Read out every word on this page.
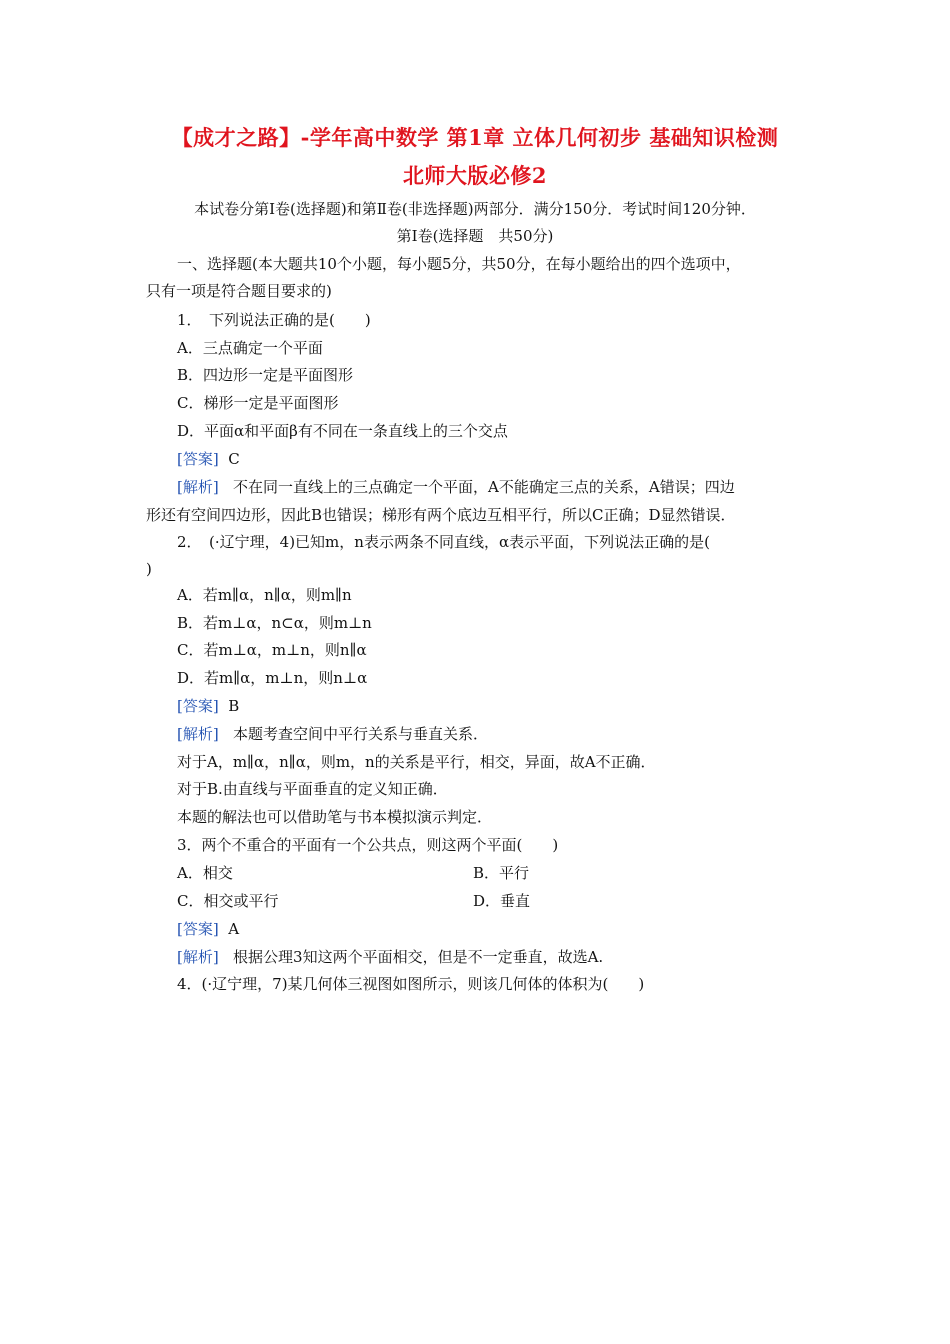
【成才之路】-学年高中数学 第1章 立体几何初步 基础知识检测
北师大版必修2
本试卷分第Ⅰ卷(选择题)和第Ⅱ卷(非选择题)两部分．满分150分．考试时间120分钟．
第Ⅰ卷(选择题　共50分)
一、选择题(本大题共10个小题，每小题5分，共50分，在每小题给出的四个选项中，
只有一项是符合题目要求的)
1．　下列说法正确的是(　　)
A．三点确定一个平面
B．四边形一定是平面图形
C．梯形一定是平面图形
D．平面α和平面β有不同在一条直线上的三个交点
[答案] C
[解析] 不在同一直线上的三点确定一个平面，A不能确定三点的关系，A错误；四边
形还有空间四边形，因此B也错误；梯形有两个底边互相平行，所以C正确；D显然错误．
2．　(·辽宁理，4)已知m，n表示两条不同直线，α表示平面，下列说法正确的是(
)
A．若m∥α，n∥α，则m∥n
B．若m⊥α，n⊂α，则m⊥n
C．若m⊥α，m⊥n，则n∥α
D．若m∥α，m⊥n，则n⊥α
[答案] B
[解析] 本题考查空间中平行关系与垂直关系．
对于A，m∥α，n∥α，则m，n的关系是平行，相交，异面，故A不正确．
对于B.由直线与平面垂直的定义知正确．
本题的解法也可以借助笔与书本模拟演示判定．
3．两个不重合的平面有一个公共点，则这两个平面(　　)
A．相交	B．平行
C．相交或平行	D．垂直
[答案] A
[解析] 根据公理3知这两个平面相交，但是不一定垂直，故选A.
4．(·辽宁理，7)某几何体三视图如图所示，则该几何体的体积为(　　)
